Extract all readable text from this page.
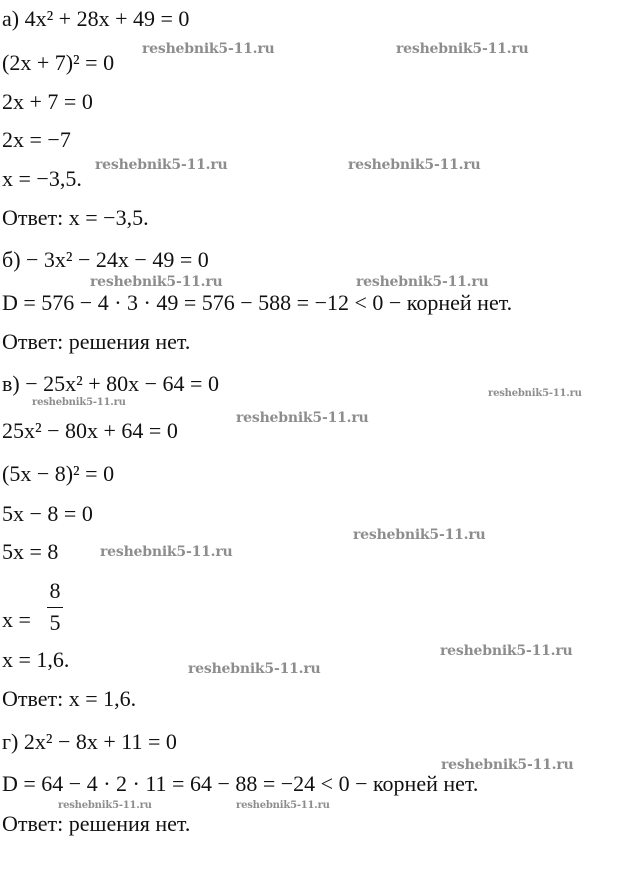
а) 4x² + 28x + 49 = 0
(2x + 7)² = 0
2x + 7 = 0
2x = −7
x = −3,5.
Ответ: x = −3,5.
б) − 3x² − 24x − 49 = 0
D = 576 − 4 · 3 · 49 = 576 − 588 = −12 < 0 − корней нет.
Ответ: решения нет.
в) − 25x² + 80x − 64 = 0
25x² − 80x + 64 = 0
(5x − 8)² = 0
5x − 8 = 0
5x = 8
x =
8
5
x = 1,6.
Ответ: x = 1,6.
г) 2x² − 8x + 11 = 0
D = 64 − 4 · 2 · 11 = 64 − 88 = −24 < 0 − корней нет.
Ответ: решения нет.
reshebnik5-11.ru	reshebnik5-11.ru
reshebnik5-11.ru	reshebnik5-11.ru
reshebnik5-11.ru	reshebnik5-11.ru
reshebnik5-11.ru
reshebnik5-11.ru
reshebnik5-11.ru
reshebnik5-11.ru
reshebnik5-11.ru
reshebnik5-11.ru
reshebnik5-11.ru
reshebnik5-11.ru
reshebnik5-11.ru	reshebnik5-11.ru
